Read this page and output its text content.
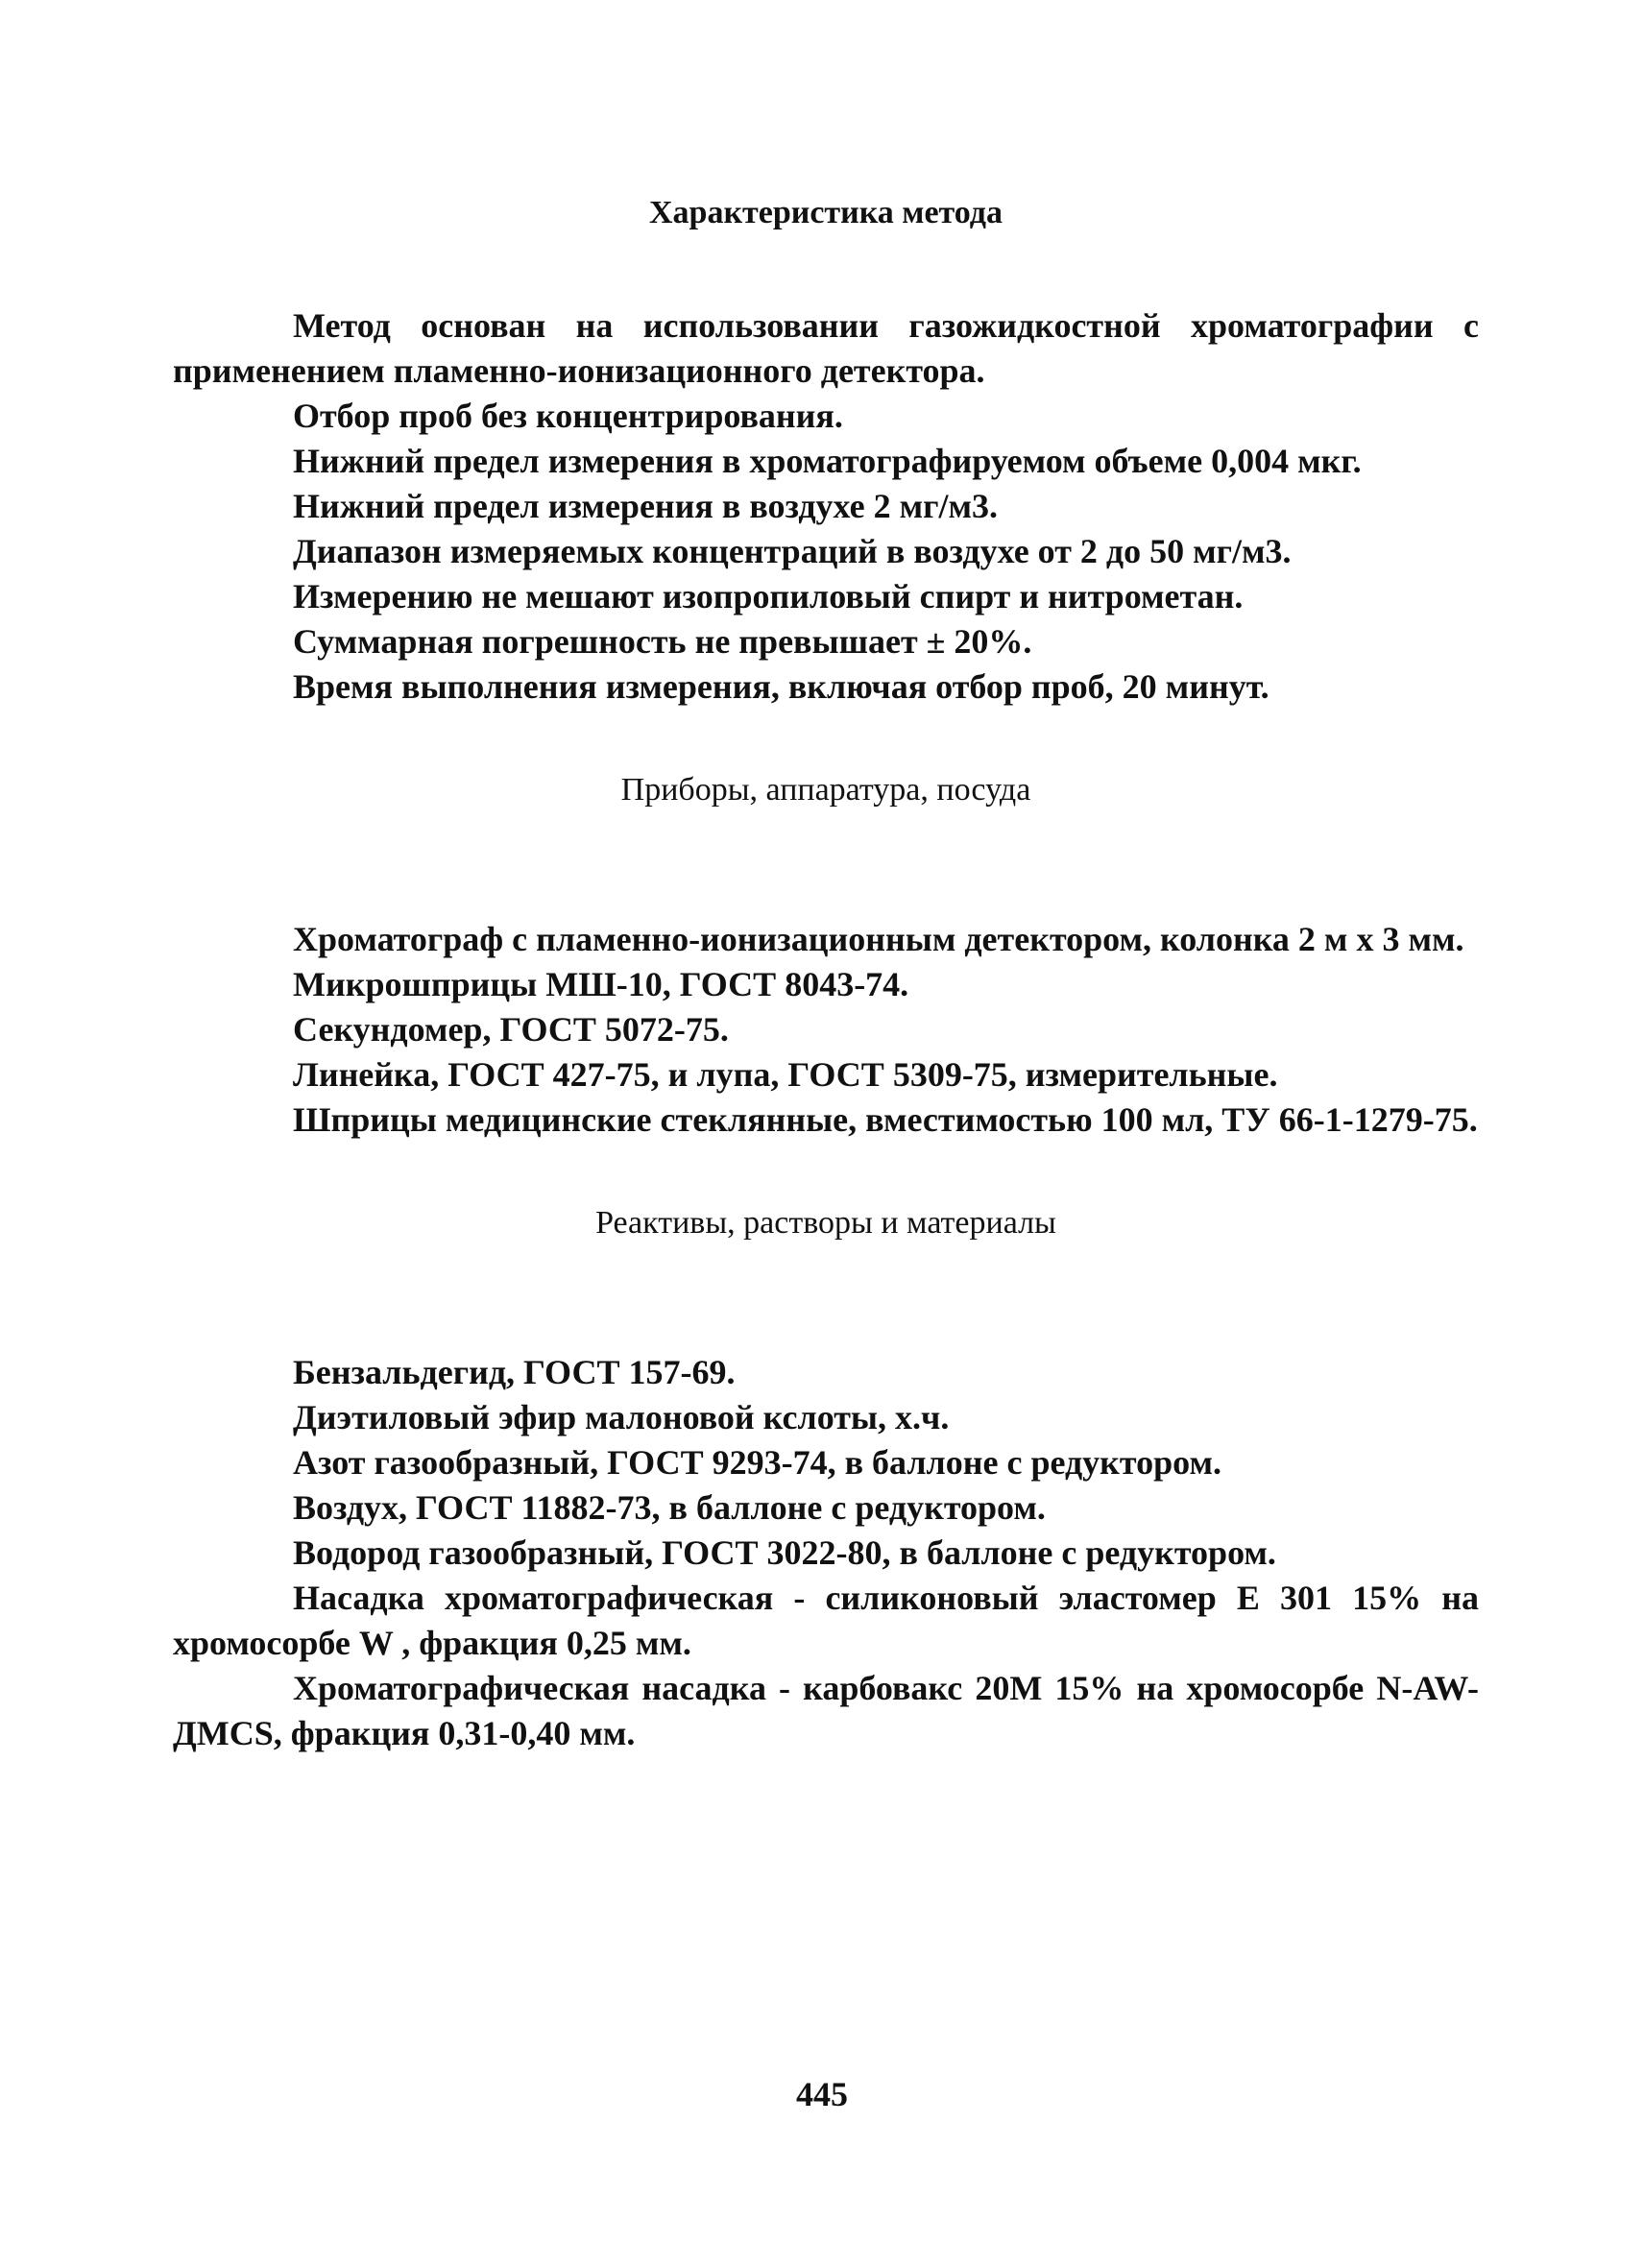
Характеристика метода

Метод основан на использовании газожидкостной хроматографии с применением пламенно-ионизационного детектора.

Отбор проб без концентрирования.

Нижний предел измерения в хроматографируемом объеме 0,004 мкг.

Нижний предел измерения в воздухе 2 мг/м3.

Диапазон измеряемых концентраций в воздухе от 2 до 50 мг/м3.

Измерению не мешают изопропиловый спирт и нитрометан.

Суммарная погрешность не превышает ± 20%.

Время выполнения измерения, включая отбор проб, 20 минут.

Приборы, аппаратура, посуда

Хроматограф с пламенно-ионизационным детектором, колонка 2 м х 3 мм.

Микрошприцы МШ-10, ГОСТ 8043-74.

Секундомер, ГОСТ 5072-75.

Линейка, ГОСТ 427-75, и лупа, ГОСТ 5309-75, измерительные.

Шприцы медицинские стеклянные, вместимостью 100 мл, ТУ 66-1-1279-75.

Реактивы, растворы и материалы

Бензальдегид, ГОСТ 157-69.

Диэтиловый эфир малоновой кслоты, х.ч.

Азот газообразный, ГОСТ 9293-74, в баллоне с редуктором.

Воздух, ГОСТ 11882-73, в баллоне с редуктором.

Водород газообразный, ГОСТ 3022-80, в баллоне с редуктором.

Насадка хроматографическая - силиконовый эластомер Е 301 15% на хромосорбе W , фракция 0,25 мм.

Хроматографическая насадка - карбовакс 20М 15% на хромосорбе N-AW-ДМCS, фракция 0,31-0,40 мм.

445
